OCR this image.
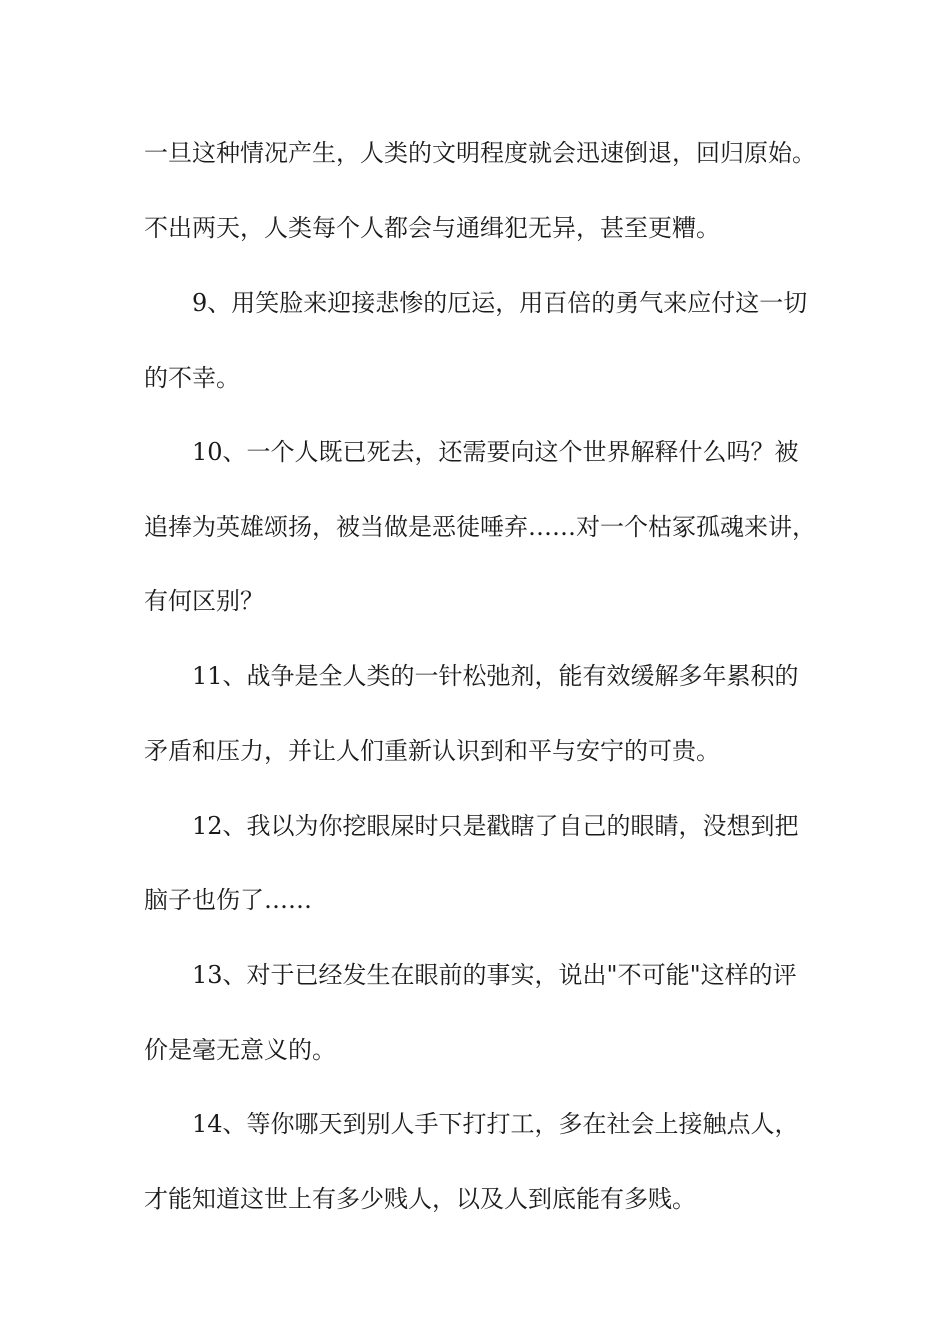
一旦这种情况产生，人类的文明程度就会迅速倒退，回归原始。

不出两天，人类每个人都会与通缉犯无异，甚至更糟。

9、用笑脸来迎接悲惨的厄运，用百倍的勇气来应付这一切

的不幸。

10、一个人既已死去，还需要向这个世界解释什么吗？被

追捧为英雄颂扬，被当做是恶徒唾弃……对一个枯冢孤魂来讲，

有何区别？

11、战争是全人类的一针松弛剂，能有效缓解多年累积的

矛盾和压力，并让人们重新认识到和平与安宁的可贵。

12、我以为你挖眼屎时只是戳瞎了自己的眼睛，没想到把

脑子也伤了……

13、对于已经发生在眼前的事实，说出"不可能"这样的评

价是毫无意义的。

14、等你哪天到别人手下打打工，多在社会上接触点人，

才能知道这世上有多少贱人，以及人到底能有多贱。
